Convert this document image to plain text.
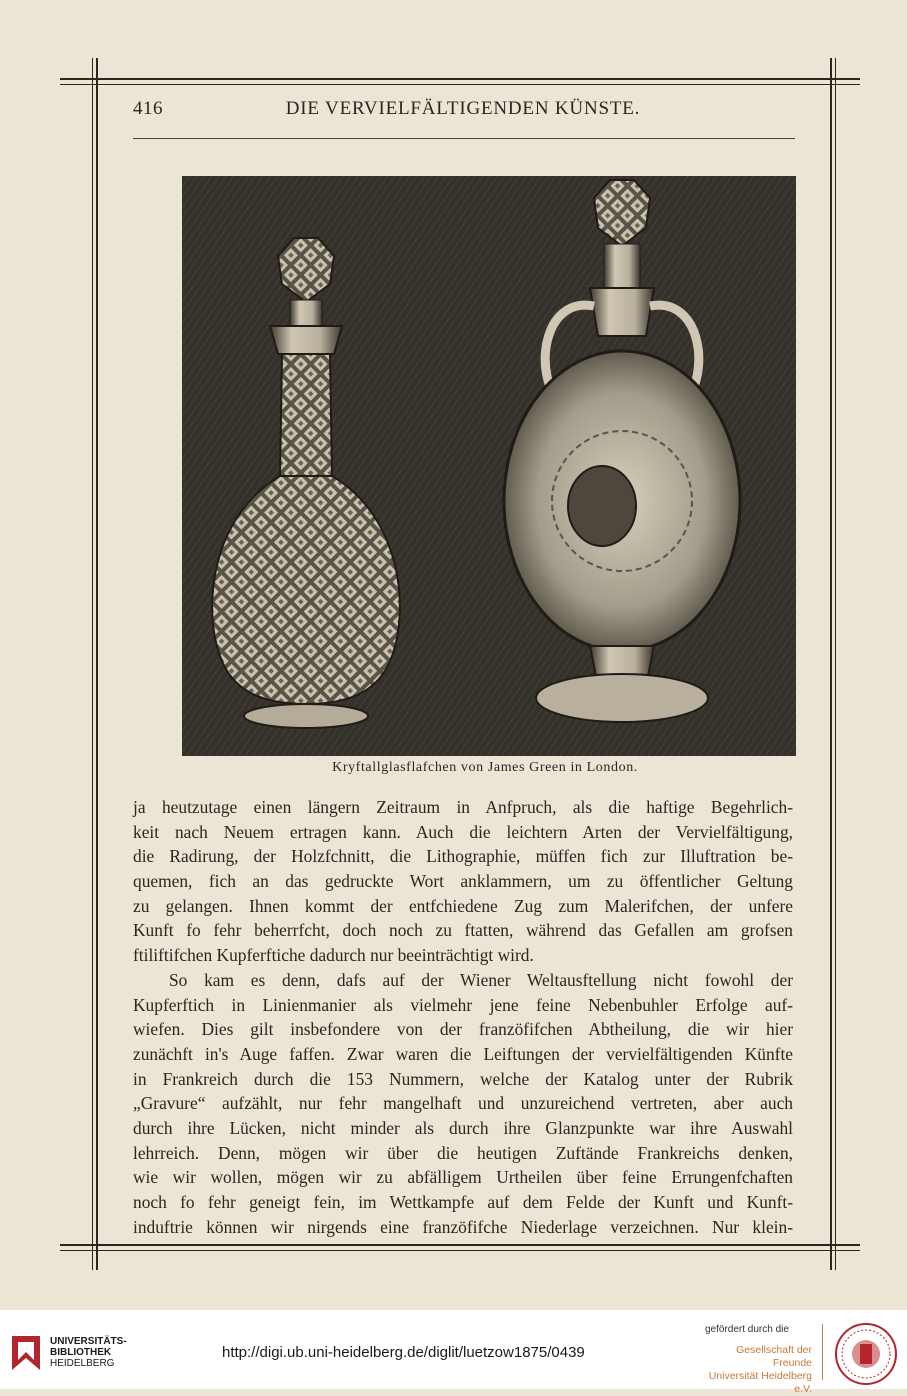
416	DIE VERVIELFÄLTIGENDEN KÜNSTE.
Kryftallglasflafchen von James Green in London.
ja heutzutage einen längern Zeitraum in Anfpruch, als die haftige Begehrlich-
keit nach Neuem ertragen kann. Auch die leichtern Arten der Vervielfältigung,
die Radirung, der Holzfchnitt, die Lithographie, müffen fich zur Illuftration be-
quemen, fich an das gedruckte Wort anklammern, um zu öffentlicher Geltung
zu gelangen. Ihnen kommt der entfchiedene Zug zum Malerifchen, der unfere
Kunft fo fehr beherrfcht, doch noch zu ftatten, während das Gefallen am grofsen
ftiliftifchen Kupferftiche dadurch nur beeinträchtigt wird.
So kam es denn, dafs auf der Wiener Weltausftellung nicht fowohl der
Kupferftich in Linienmanier als vielmehr jene feine Nebenbuhler Erfolge auf-
wiefen. Dies gilt insbefondere von der franzöfifchen Abtheilung, die wir hier
zunächft in's Auge faffen. Zwar waren die Leiftungen der vervielfältigenden Künfte
in Frankreich durch die 153 Nummern, welche der Katalog unter der Rubrik
„Gravure“ aufzählt, nur fehr mangelhaft und unzureichend vertreten, aber auch
durch ihre Lücken, nicht minder als durch ihre Glanzpunkte war ihre Auswahl
lehrreich. Denn, mögen wir über die heutigen Zuftände Frankreichs denken,
wie wir wollen, mögen wir zu abfälligem Urtheilen über feine Errungenfchaften
noch fo fehr geneigt fein, im Wettkampfe auf dem Felde der Kunft und Kunft-
induftrie können wir nirgends eine franzöfifche Niederlage verzeichnen. Nur klein-
UNIVERSITÄTS-
BIBLIOTHEK
HEIDELBERG
http://digi.ub.uni-heidelberg.de/diglit/luetzow1875/0439
gefördert durch die
Gesellschaft der Freunde
Universität Heidelberg e.V.
